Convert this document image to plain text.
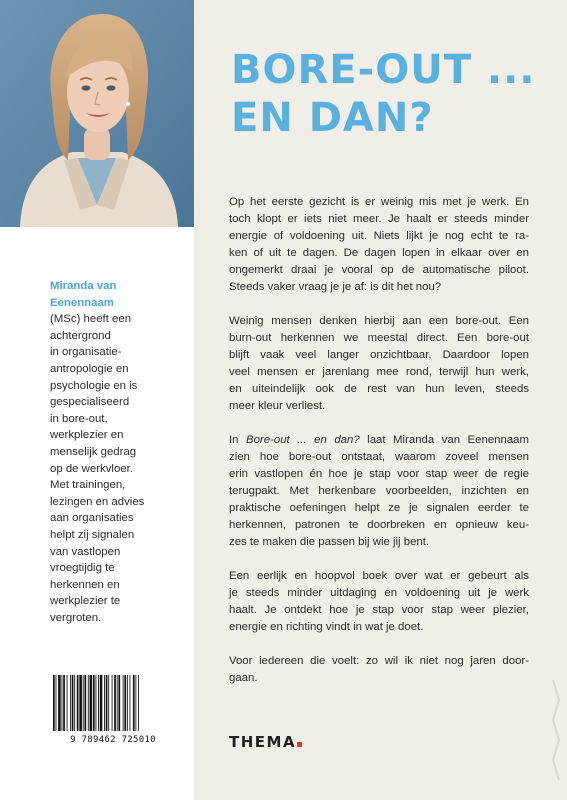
Miranda van
Eenennaam
(MSc) heeft een
achtergrond
in organisatie-
antropologie en
psychologie en is
gespecialiseerd
in bore-out,
werkplezier en
menselijk gedrag
op de werkvloer.
Met trainingen,
lezingen en advies
aan organisaties
helpt zij signalen
van vastlopen
vroegtijdig te
herkennen en
werkplezier te
vergroten.
9 789462 725010
BORE-OUT ...
EN DAN?

Op het eerste gezicht is er weinig mis met je werk. En
toch klopt er iets niet meer. Je haalt er steeds minder
energie of voldoening uit. Niets lijkt je nog echt te ra-
ken of uit te dagen. De dagen lopen in elkaar over en
ongemerkt draai je vooral op de automatische piloot.
Steeds vaker vraag je je af: is dit het nou?

Weinig mensen denken hierbij aan een bore-out. Een
burn-out herkennen we meestal direct. Een bore-out
blijft vaak veel langer onzichtbaar. Daardoor lopen
veel mensen er jarenlang mee rond, terwijl hun werk,
en uiteindelijk ook de rest van hun leven, steeds
meer kleur verliest.

In Bore-out ... en dan? laat Miranda van Eenennaam
zien hoe bore-out ontstaat, waarom zoveel mensen
erin vastlopen én hoe je stap voor stap weer de regie
terugpakt. Met herkenbare voorbeelden, inzichten en
praktische oefeningen helpt ze je signalen eerder te
herkennen, patronen te doorbreken en opnieuw keu-
zes te maken die passen bij wie jij bent.

Een eerlijk en hoopvol boek over wat er gebeurt als
je steeds minder uitdaging en voldoening uit je werk
haalt. Je ontdekt hoe je stap voor stap weer plezier,
energie en richting vindt in wat je doet.

Voor iedereen die voelt: zo wil ik niet nog jaren door-
gaan.

THEMA
